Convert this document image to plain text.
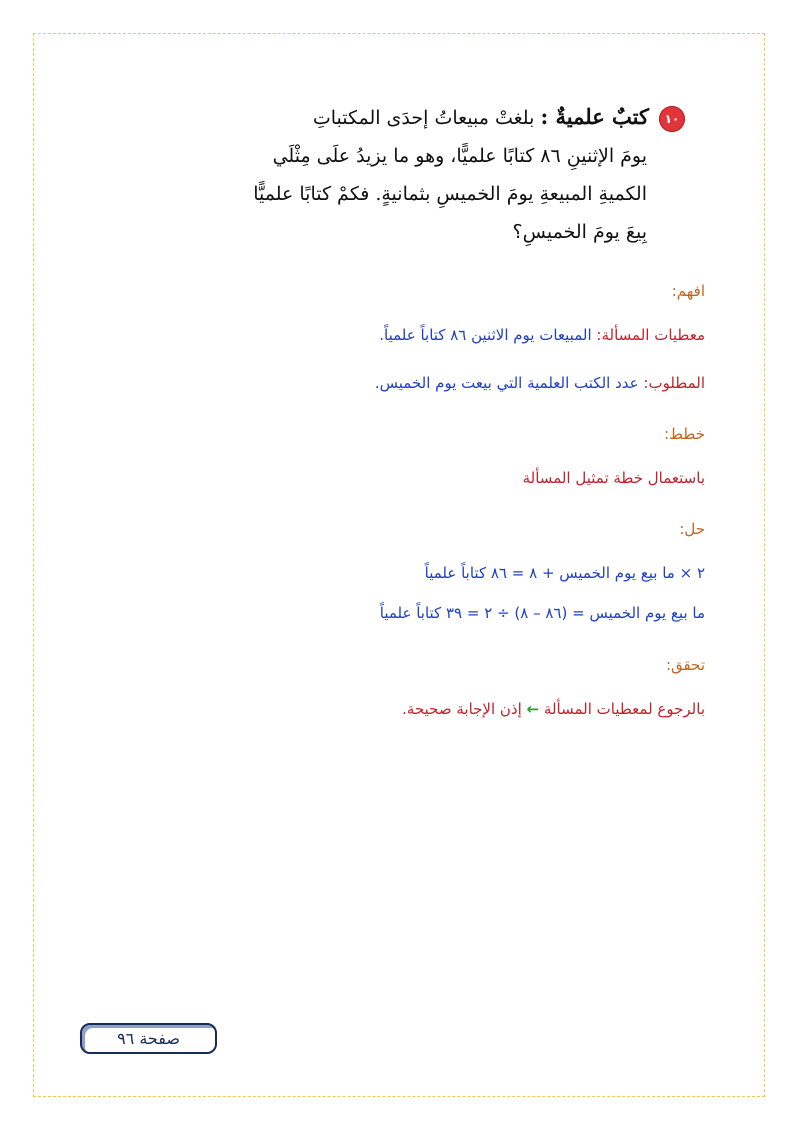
١٠كتبٌ علميةٌ : بلغتْ مبيعاتُ إحدَى المكتباتِ
يومَ الإثنينِ ٨٦ كتابًا علميًّا، وهو ما يزيدُ علَى مِثْلَي
الكميةِ المبيعةِ يومَ الخميسِ بثمانيةٍ. فكمْ كتابًا علميًّا
بِيعَ يومَ الخميسِ؟
افهم:
معطيات المسألة: المبيعات يوم الاثنين ٨٦ كتاباً علمياً.
المطلوب: عدد الكتب العلمية التي بيعت يوم الخميس.
خطط:
باستعمال خطة تمثيل المسألة
حل:
٢ × ما بيع يوم الخميس + ٨ = ٨٦ كتاباً علمياً
ما بيع يوم الخميس = (٨٦ – ٨) ÷ ٢ = ٣٩ كتاباً علمياً
تحقق:
بالرجوع لمعطيات المسألة ← إذن الإجابة صحيحة.
صفحة ٩٦
